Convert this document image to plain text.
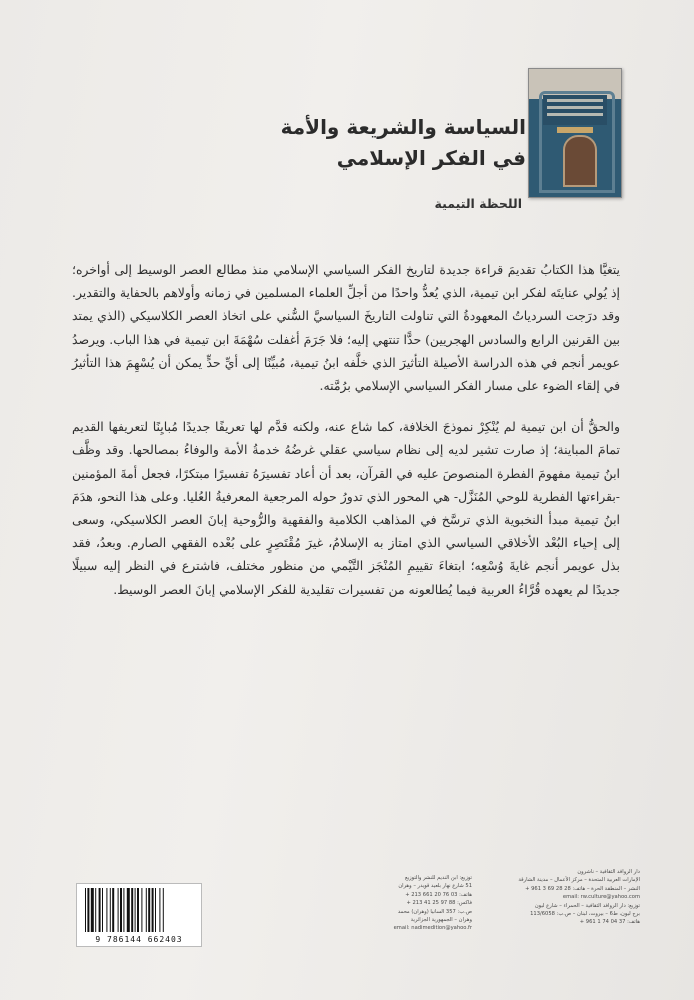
السياسة والشريعة والأمة
في الفكر الإسلامي
اللحظة التيمية

يتغيَّا هذا الكتابُ تقديمَ قراءة جديدة لتاريخ الفكر السياسي الإسلامي منذ مطالع العصر الوسيط إلى أواخره؛ إذ يُولي عنايتَه لفكر ابن تيمية، الذي يُعدُّ واحدًا من أجلِّ العلماء المسلمين في زمانه وأولاهم بالحفاية والتقدير. وقد درَجت السردياتُ المعهودةُ التي تناولت التاريخَ السياسيَّ السُّني على اتخاذ العصر الكلاسيكي (الذي يمتد بين القرنين الرابع والسادس الهجريين) حدًّا تنتهي إليه؛ فلا جَرَمَ أغفلت سُهْمَةَ ابن تيمية في هذا الباب. ويرصدُ عويمر أنجم في هذه الدراسة الأصيلة التأثيرَ الذي خلَّفه ابنُ تيمية، مُبيِّنًا إلى أيِّ حدٍّ يمكن أن يُسْهِمَ هذا التأثيرُ في إلقاء الضوء على مسار الفكر السياسي الإسلامي برُمَّته.

والحقُّ أن ابن تيمية لم يُنْكِرْ نموذجَ الخلافة، كما شاع عنه، ولكنه قدَّم لها تعريفًا جديدًا مُبايِنًا لتعريفها القديم تمامَ المباينة؛ إذ صارت تشير لديه إلى نظام سياسي عقلي غرضُهُ خدمةُ الأمة والوفاءُ بمصالحها. وقد وظَّف ابنُ تيمية مفهومَ الفطرة المنصوصَ عليه في القرآن، بعد أن أعاد تفسيرَهُ تفسيرًا مبتكرًا، فجعل أمةَ المؤمنين -بقراءتها الفطرية للوحي المُنَزَّل- هي المحور الذي تدورُ حوله المرجعية المعرفيةُ العُليا. وعلى هذا النحو، هدَمَ ابنُ تيمية مبدأ النخبوية الذي ترسَّخ في المذاهب الكلامية والفقهية والرُّوحية إبانَ العصر الكلاسيكي، وسعى إلى إحياء البُعْد الأخلاقي السياسي الذي امتاز به الإسلامُ، غيرَ مُقْتَصِرٍ على بُعْده الفقهي الصارم. وبعدُ، فقد بذل عويمر أنجم غايةَ وُسْعِه؛ ابتغاءَ تقييمِ المُنْجَز التَّيْمي من منظور مختلف، فاشترع في النظر إليه سبيلًا جديدًا لم يعهده قُرَّاءُ العربية فيما يُطالعونه من تفسيرات تقليدية للفكر الإسلامي إبانَ العصر الوسيط.

9 786144 662403
توزيع: ابن النديم للنشر والتوزيع
51 شارع نهار بلعيد قويدر – وهران
هاتف: 03 76 20 661 213 +
فاكس: 88 97 25 41 213 +
ص.ب: 357 السانيا (وهران) محمد
وهران – الجمهورية الجزائرية
email: nadimedition@yahoo.fr
دار الروافد الثقافية – ناشرون
الإمارات العربية المتحدة – مركز الأعمال – مدينة الشارقة
النشر – المنطقة الحرة – هاتف: 28 28 69 3 961 +
email: rw.culture@yahoo.com
توزيع: دار الروافد الثقافية – الحمراء – شارع ليون
برج ليون، ط6 – بيروت، لبنان – ص.ب: 113/6058
هاتف: 37 04 74 1 961 +
